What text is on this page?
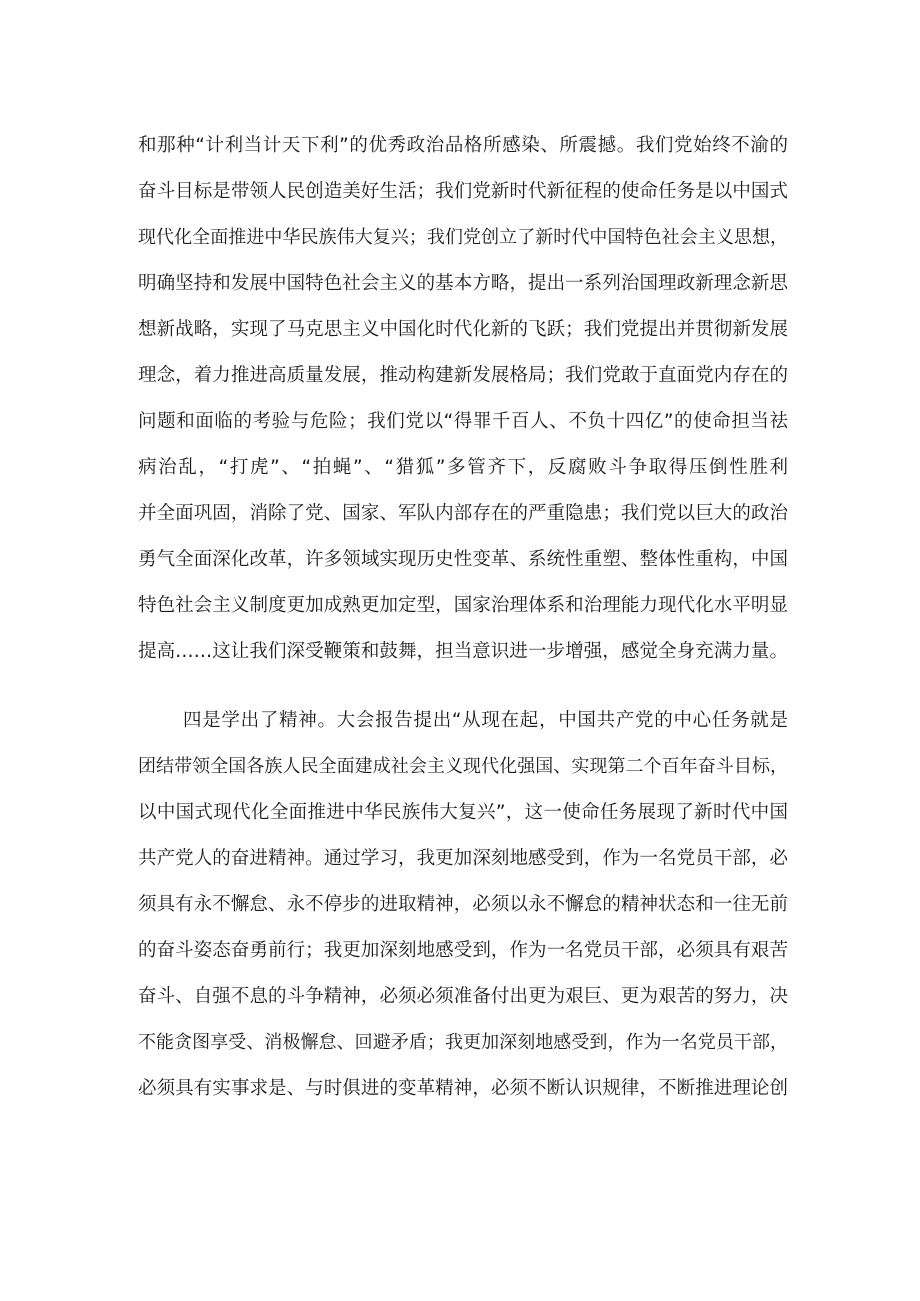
和那种“计利当计天下利”的优秀政治品格所感染、所震撼。我们党始终不渝的
奋斗目标是带领人民创造美好生活；我们党新时代新征程的使命任务是以中国式
现代化全面推进中华民族伟大复兴；我们党创立了新时代中国特色社会主义思想，
明确坚持和发展中国特色社会主义的基本方略，提出一系列治国理政新理念新思
想新战略，实现了马克思主义中国化时代化新的飞跃；我们党提出并贯彻新发展
理念，着力推进高质量发展，推动构建新发展格局；我们党敢于直面党内存在的
问题和面临的考验与危险；我们党以“得罪千百人、不负十四亿”的使命担当祛
病治乱，“打虎”、“拍蝇”、“猎狐”多管齐下，反腐败斗争取得压倒性胜利
并全面巩固，消除了党、国家、军队内部存在的严重隐患；我们党以巨大的政治
勇气全面深化改革，许多领域实现历史性变革、系统性重塑、整体性重构，中国
特色社会主义制度更加成熟更加定型，国家治理体系和治理能力现代化水平明显
提高……这让我们深受鞭策和鼓舞，担当意识进一步增强，感觉全身充满力量。
四是学出了精神。大会报告提出“从现在起，中国共产党的中心任务就是
团结带领全国各族人民全面建成社会主义现代化强国、实现第二个百年奋斗目标，
以中国式现代化全面推进中华民族伟大复兴”，这一使命任务展现了新时代中国
共产党人的奋进精神。通过学习，我更加深刻地感受到，作为一名党员干部，必
须具有永不懈怠、永不停步的进取精神，必须以永不懈怠的精神状态和一往无前
的奋斗姿态奋勇前行；我更加深刻地感受到，作为一名党员干部，必须具有艰苦
奋斗、自强不息的斗争精神，必须必须准备付出更为艰巨、更为艰苦的努力，决
不能贪图享受、消极懈怠、回避矛盾；我更加深刻地感受到，作为一名党员干部，
必须具有实事求是、与时俱进的变革精神，必须不断认识规律，不断推进理论创
